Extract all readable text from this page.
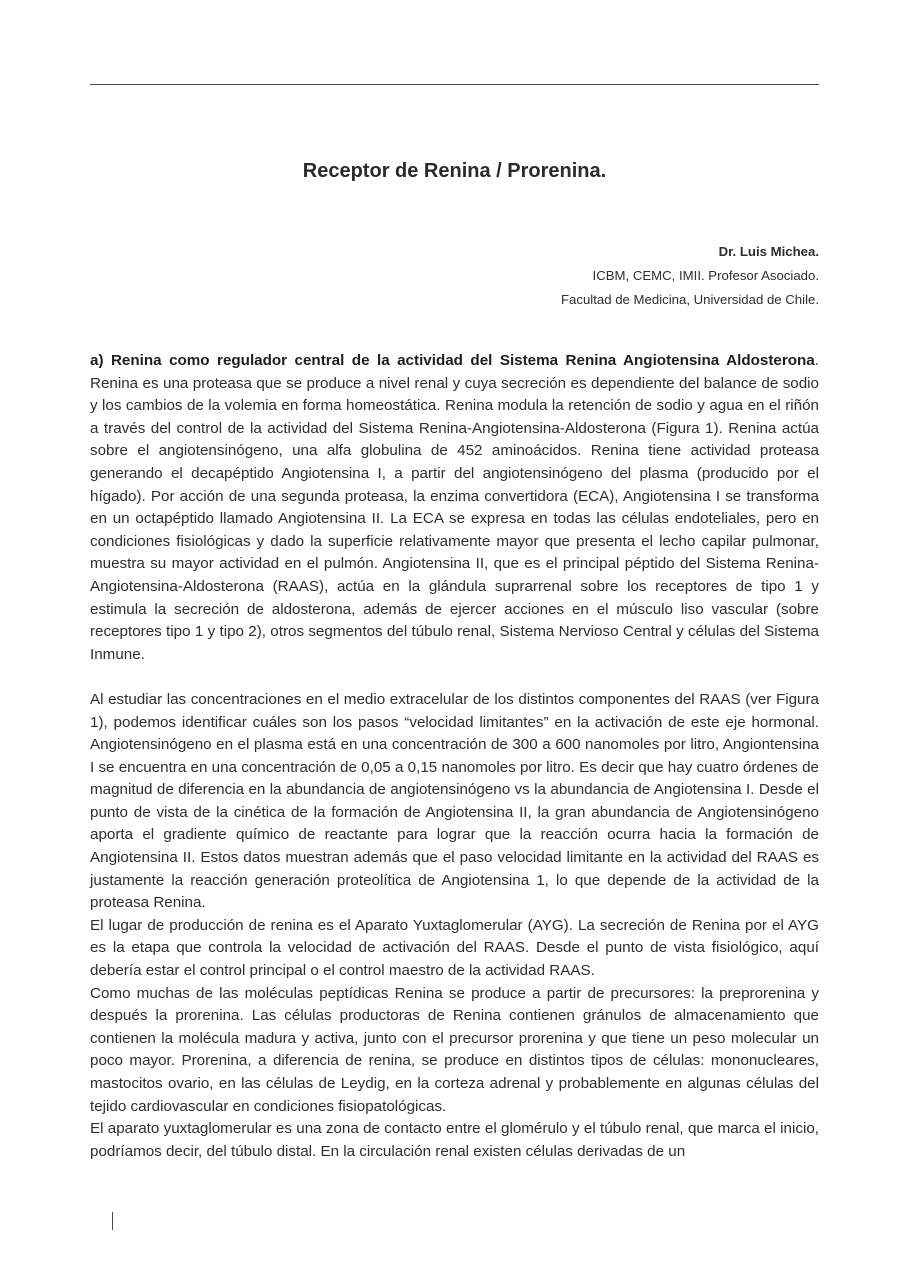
Receptor de Renina / Prorenina.
Dr. Luis Michea.
ICBM, CEMC, IMII. Profesor Asociado.
Facultad de Medicina, Universidad de Chile.

a) Renina como regulador central de la actividad del Sistema Renina Angiotensina Aldosterona. Renina es una proteasa que se produce a nivel renal y cuya secreción es dependiente del balance de sodio y los cambios de la volemia en forma homeostática. Renina modula la retención de sodio y agua en el riñón a través del control de la actividad del Sistema Renina-Angiotensina-Aldosterona (Figura 1). Renina actúa sobre el angiotensinógeno, una alfa globulina de 452 aminoácidos. Renina tiene actividad proteasa generando el decapéptido Angiotensina I, a partir del angiotensinógeno del plasma (producido por el hígado). Por acción de una segunda proteasa, la enzima convertidora (ECA), Angiotensina I se transforma en un octapéptido llamado Angiotensina II. La ECA se expresa en todas las células endoteliales, pero en condiciones fisiológicas y dado la superficie relativamente mayor que presenta el lecho capilar pulmonar, muestra su mayor actividad en el pulmón. Angiotensina II, que es el principal péptido del Sistema Renina-Angiotensina-Aldosterona (RAAS), actúa en la glándula suprarrenal sobre los receptores de tipo 1 y estimula la secreción de aldosterona, además de ejercer acciones en el músculo liso vascular (sobre receptores tipo 1 y tipo 2), otros segmentos del túbulo renal, Sistema Nervioso Central y células del Sistema Inmune.

Al estudiar las concentraciones en el medio extracelular de los distintos componentes del RAAS (ver Figura 1), podemos identificar cuáles son los pasos “velocidad limitantes” en la activación de este eje hormonal. Angiotensinógeno en el plasma está en una concentración de 300 a 600 nanomoles por litro, Angiontensina I se encuentra en una concentración de 0,05 a 0,15 nanomoles por litro. Es decir que hay cuatro órdenes de magnitud de diferencia en la abundancia de angiotensinógeno vs la abundancia de Angiotensina I. Desde el punto de vista de la cinética de la formación de Angiotensina II, la gran abundancia de Angiotensinógeno aporta el gradiente químico de reactante para lograr que la reacción ocurra hacia la formación de Angiotensina II. Estos datos muestran además que el paso velocidad limitante en la actividad del RAAS es justamente la reacción generación proteolítica de Angiotensina 1, lo que depende de la actividad de la proteasa Renina.

El lugar de producción de renina es el Aparato Yuxtaglomerular (AYG). La secreción de Renina por el AYG es la etapa que controla la velocidad de activación del RAAS. Desde el punto de vista fisiológico, aquí debería estar el control principal o el control maestro de la actividad RAAS.

Como muchas de las moléculas peptídicas Renina se produce a partir de precursores: la preprorenina y después la prorenina. Las células productoras de Renina contienen gránulos de almacenamiento que contienen la molécula madura y activa, junto con el precursor prorenina y que tiene un peso molecular un poco mayor. Prorenina, a diferencia de renina, se produce en distintos tipos de células: mononucleares, mastocitos ovario, en las células de Leydig, en la corteza adrenal y probablemente en algunas células del tejido cardiovascular en condiciones fisiopatológicas.

El aparato yuxtaglomerular es una zona de contacto entre el glomérulo y el túbulo renal, que marca el inicio, podríamos decir, del túbulo distal. En la circulación renal existen células derivadas de un
